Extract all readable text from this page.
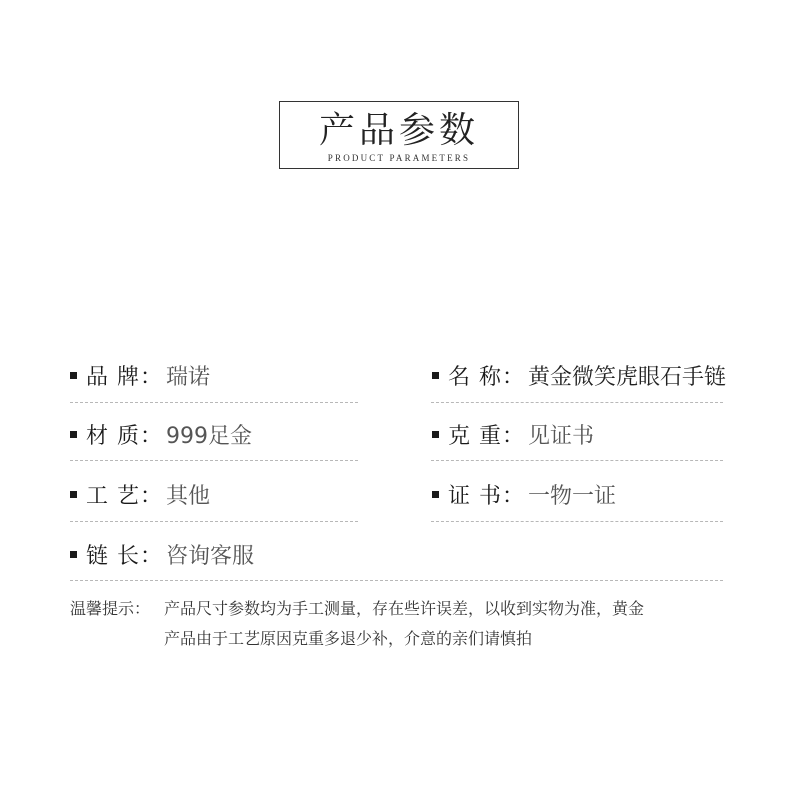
产品参数
PRODUCT PARAMETERS
品 牌 ： 瑞诺	名 称 ： 黄金微笑虎眼石手链
材 质 ： 999足金	克 重 ： 见证书
工 艺 ： 其他	证 书 ： 一物一证
链 长 ： 咨询客服
温馨提示： 产品尺寸参数均为手工测量，存在些许误差，以收到实物为准，黄金
产品由于工艺原因克重多退少补，介意的亲们请慎拍
